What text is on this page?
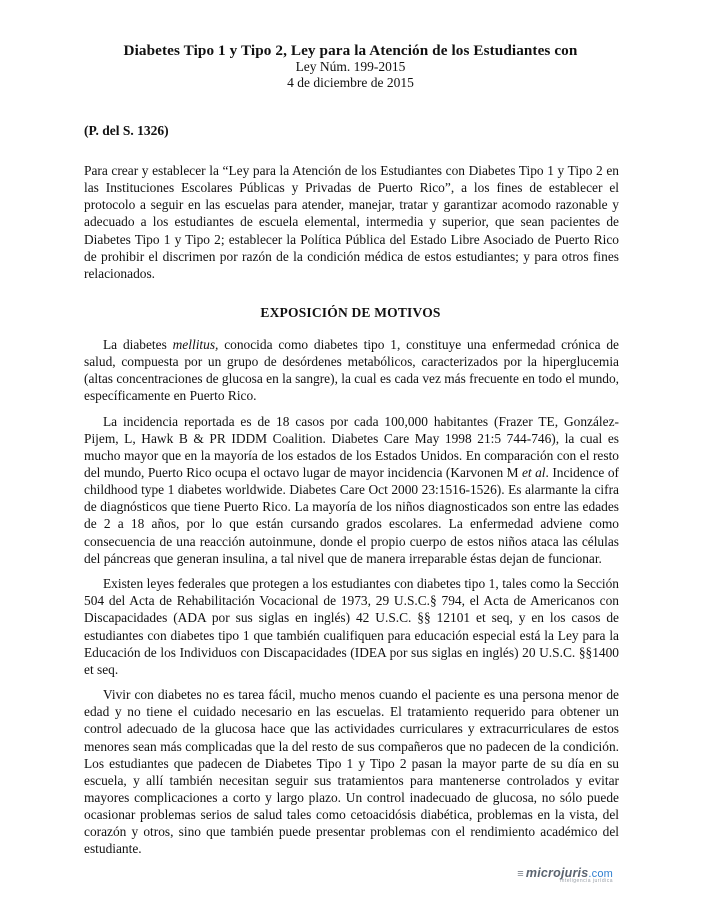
Diabetes Tipo 1 y Tipo 2, Ley para la Atención de los Estudiantes con
Ley Núm. 199-2015
4 de diciembre de 2015
(P. del S. 1326)
Para crear y establecer la “Ley para la Atención de los Estudiantes con Diabetes Tipo 1 y Tipo 2 en las Instituciones Escolares Públicas y Privadas de Puerto Rico”, a los fines de establecer el protocolo a seguir en las escuelas para atender, manejar, tratar y garantizar acomodo razonable y adecuado a los estudiantes de escuela elemental, intermedia y superior, que sean pacientes de Diabetes Tipo 1 y Tipo 2; establecer la Política Pública del Estado Libre Asociado de Puerto Rico de prohibir el discrimen por razón de la condición médica de estos estudiantes; y para otros fines relacionados.
EXPOSICIÓN DE MOTIVOS

La diabetes mellitus, conocida como diabetes tipo 1, constituye una enfermedad crónica de salud, compuesta por un grupo de desórdenes metabólicos, caracterizados por la hiperglucemia (altas concentraciones de glucosa en la sangre), la cual es cada vez más frecuente en todo el mundo, específicamente en Puerto Rico.

La incidencia reportada es de 18 casos por cada 100,000 habitantes (Frazer TE, González-Pijem, L, Hawk B & PR IDDM Coalition. Diabetes Care May 1998 21:5 744-746), la cual es mucho mayor que en la mayoría de los estados de los Estados Unidos. En comparación con el resto del mundo, Puerto Rico ocupa el octavo lugar de mayor incidencia (Karvonen M et al. Incidence of childhood type 1 diabetes worldwide. Diabetes Care Oct 2000 23:1516-1526). Es alarmante la cifra de diagnósticos que tiene Puerto Rico. La mayoría de los niños diagnosticados son entre las edades de 2 a 18 años, por lo que están cursando grados escolares. La enfermedad adviene como consecuencia de una reacción autoinmune, donde el propio cuerpo de estos niños ataca las células del páncreas que generan insulina, a tal nivel que de manera irreparable éstas dejan de funcionar.

Existen leyes federales que protegen a los estudiantes con diabetes tipo 1, tales como la Sección 504 del Acta de Rehabilitación Vocacional de 1973, 29 U.S.C.§ 794, el Acta de Americanos con Discapacidades (ADA por sus siglas en inglés) 42 U.S.C. §§ 12101 et seq, y en los casos de estudiantes con diabetes tipo 1 que también cualifiquen para educación especial está la Ley para la Educación de los Individuos con Discapacidades (IDEA por sus siglas en inglés) 20 U.S.C. §§1400 et seq.

Vivir con diabetes no es tarea fácil, mucho menos cuando el paciente es una persona menor de edad y no tiene el cuidado necesario en las escuelas. El tratamiento requerido para obtener un control adecuado de la glucosa hace que las actividades curriculares y extracurriculares de estos menores sean más complicadas que la del resto de sus compañeros que no padecen de la condición. Los estudiantes que padecen de Diabetes Tipo 1 y Tipo 2 pasan la mayor parte de su día en su escuela, y allí también necesitan seguir sus tratamientos para mantenerse controlados y evitar mayores complicaciones a corto y largo plazo. Un control inadecuado de glucosa, no sólo puede ocasionar problemas serios de salud tales como cetoacidósis diabética, problemas en la vista, del corazón y otros, sino que también puede presentar problemas con el rendimiento académico del estudiante.

≡ microjuris.com
inteligencia jurídica
